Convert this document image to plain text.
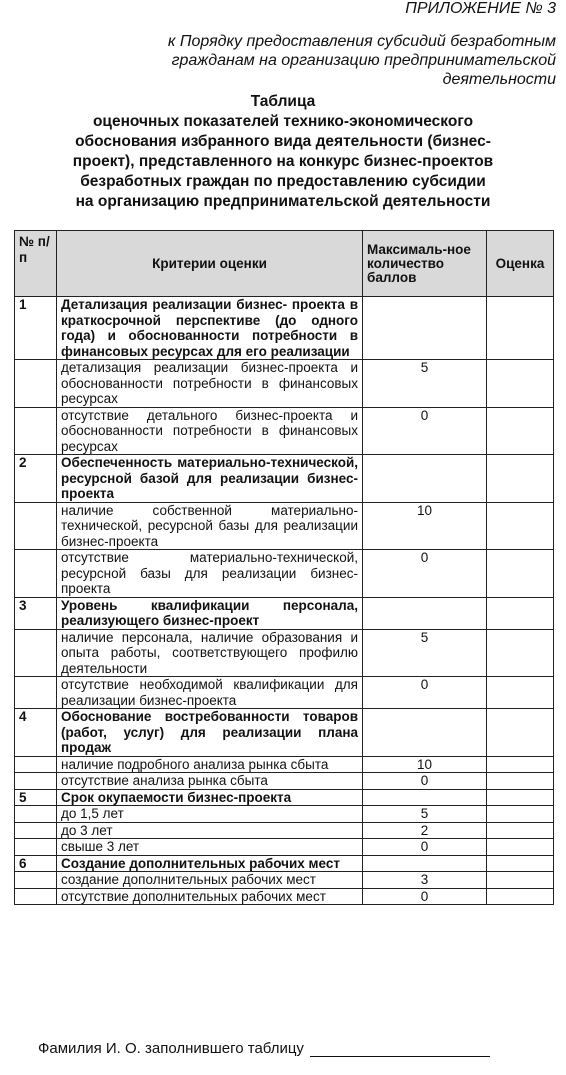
ПРИЛОЖЕНИЕ № 3
к Порядку предоставления субсидий безработным
гражданам на организацию предпринимательской
деятельности
Таблица
оценочных показателей технико-экономического
обоснования избранного вида деятельности (бизнес-
проект), представленного на конкурс бизнес-проектов
безработных граждан по предоставлению субсидии
на организацию предпринимательской деятельности
№ п/п	Критерии оценки	Максималь-ное количество баллов	Оценка
1	Детализация реализации бизнес- проекта в краткосрочной перспективе (до одного года) и обоснованности потребности в финансовых ресурсах для его реализации		
	детализация реализации бизнес-проекта и обоснованности потребности в финансовых ресурсах	5	
	отсутствие детального бизнес-проекта и обоснованности потребности в финансовых ресурсах	0	
2	Обеспеченность материально-технической, ресурсной базой для реализации бизнес-проекта		
	наличие собственной материально-технической, ресурсной базы для реализации бизнес-проекта	10	
	отсутствие материально-технической, ресурсной базы для реализации бизнес-проекта	0	
3	Уровень квалификации персонала, реализующего бизнес-проект		
	наличие персонала, наличие образования и опыта работы, соответствующего профилю деятельности	5	
	отсутствие необходимой квалификации для реализации бизнес-проекта	0	
4	Обоснование востребованности товаров (работ, услуг) для реализации плана продаж		
	наличие подробного анализа рынка сбыта	10	
	отсутствие анализа рынка сбыта	0	
5	Срок окупаемости бизнес-проекта		
	до 1,5 лет	5	
	до 3 лет	2	
	свыше 3 лет	0	
6	Создание дополнительных рабочих мест		
	создание дополнительных рабочих мест	3	
	отсутствие дополнительных рабочих мест	0	
Фамилия И. О. заполнившего таблицу
